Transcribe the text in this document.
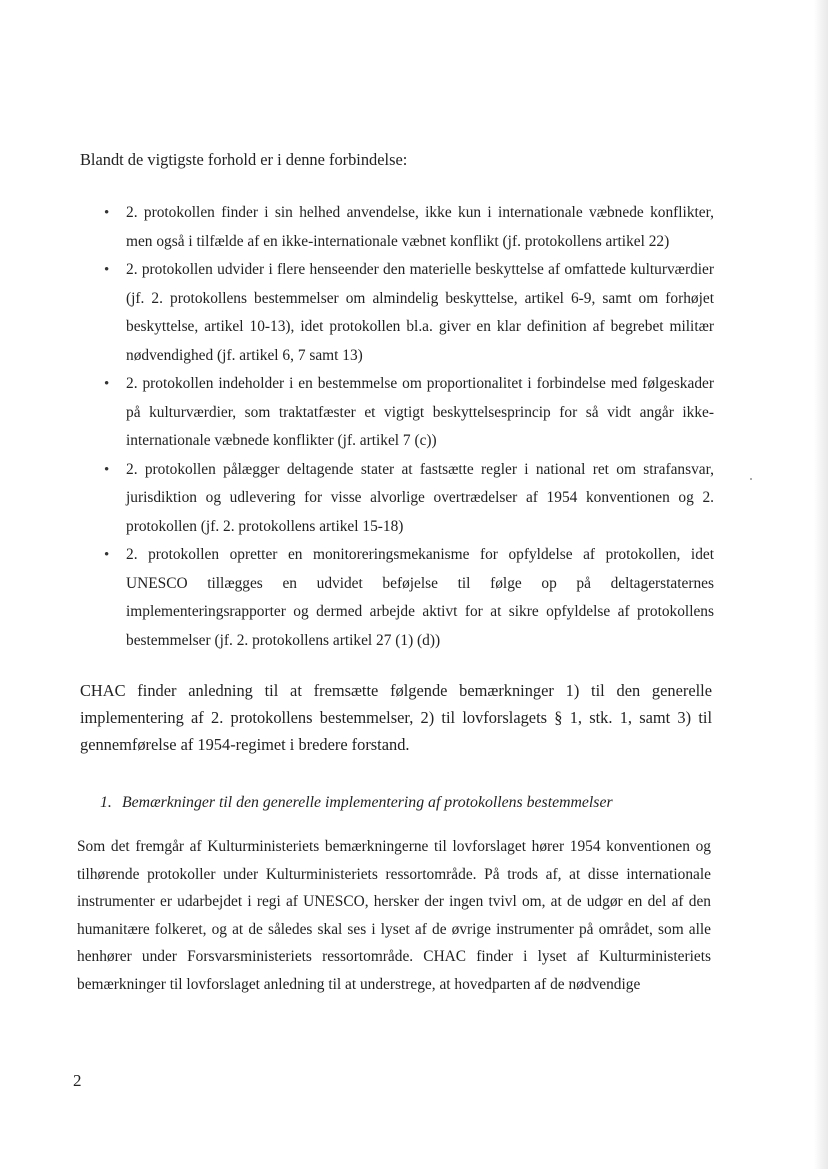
Blandt de vigtigste forhold er i denne forbindelse:

• 2. protokollen finder i sin helhed anvendelse, ikke kun i internationale væbnede konflikter, men også i tilfælde af en ikke-internationale væbnet konflikt (jf. protokollens artikel 22)
• 2. protokollen udvider i flere henseender den materielle beskyttelse af omfattede kulturværdier (jf. 2. protokollens bestemmelser om almindelig beskyttelse, artikel 6-9, samt om forhøjet beskyttelse, artikel 10-13), idet protokollen bl.a. giver en klar definition af begrebet militær nødvendighed (jf. artikel 6, 7 samt 13)
• 2. protokollen indeholder i en bestemmelse om proportionalitet i forbindelse med følgeskader på kulturværdier, som traktatfæster et vigtigt beskyttelsesprincip for så vidt angår ikke-internationale væbnede konflikter (jf. artikel 7 (c))
• 2. protokollen pålægger deltagende stater at fastsætte regler i national ret om strafansvar, jurisdiktion og udlevering for visse alvorlige overtrædelser af 1954 konventionen og 2. protokollen (jf. 2. protokollens artikel 15-18)
• 2. protokollen opretter en monitoreringsmekanisme for opfyldelse af protokollen, idet UNESCO tillægges en udvidet beføjelse til følge op på deltagerstaternes implementeringsrapporter og dermed arbejde aktivt for at sikre opfyldelse af protokollens bestemmelser (jf. 2. protokollens artikel 27 (1) (d))

CHAC finder anledning til at fremsætte følgende bemærkninger 1) til den generelle implementering af 2. protokollens bestemmelser, 2) til lovforslagets § 1, stk. 1, samt 3) til gennemførelse af 1954-regimet i bredere forstand.

1. Bemærkninger til den generelle implementering af protokollens bestemmelser

Som det fremgår af Kulturministeriets bemærkningerne til lovforslaget hører 1954 konventionen og tilhørende protokoller under Kulturministeriets ressortområde. På trods af, at disse internationale instrumenter er udarbejdet i regi af UNESCO, hersker der ingen tvivl om, at de udgør en del af den humanitære folkeret, og at de således skal ses i lyset af de øvrige instrumenter på området, som alle henhører under Forsvarsministeriets ressortområde. CHAC finder i lyset af Kulturministeriets bemærkninger til lovforslaget anledning til at understrege, at hovedparten af de nødvendige

2
